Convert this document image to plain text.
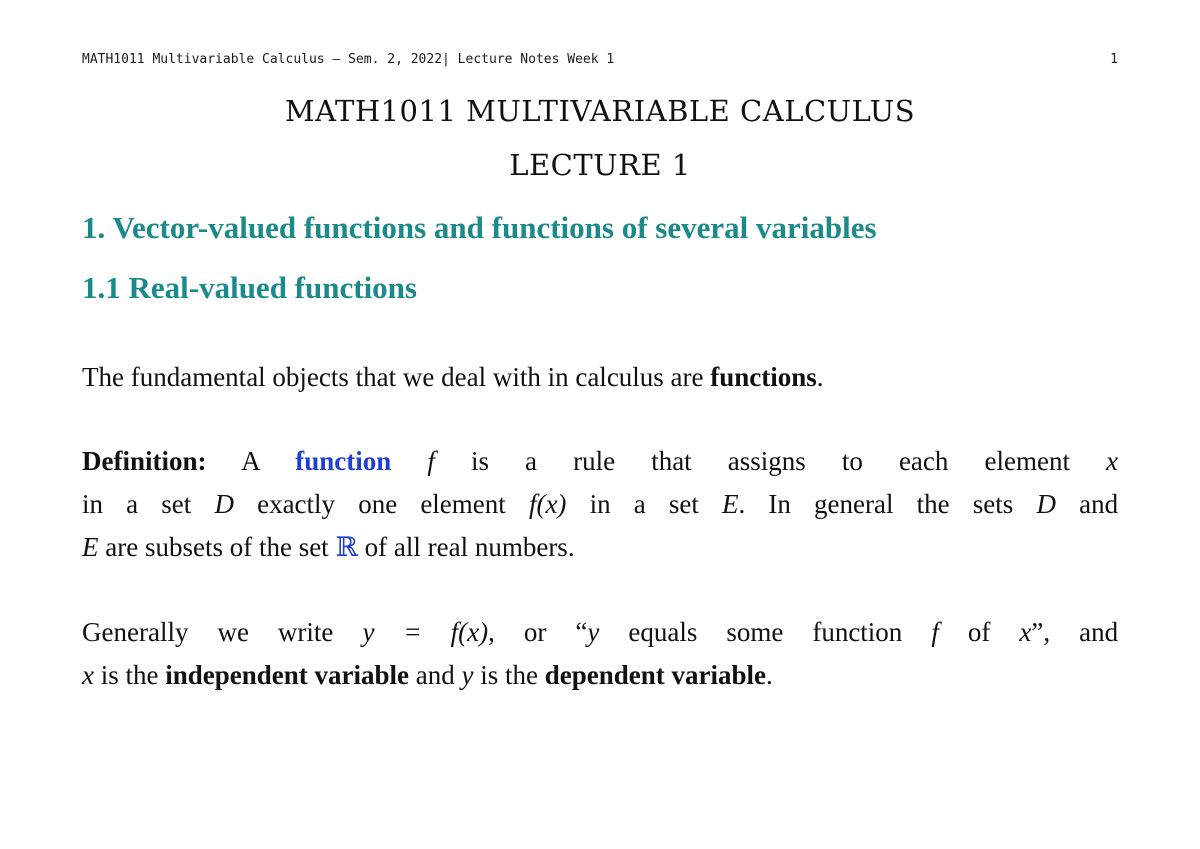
MATH1011 Multivariable Calculus – Sem. 2, 2022| Lecture Notes Week 1	1
MATH1011 MULTIVARIABLE CALCULUS
LECTURE 1
1. Vector-valued functions and functions of several variables
1.1 Real-valued functions
The fundamental objects that we deal with in calculus are functions.
Definition: A function f is a rule that assigns to each element x
in a set D exactly one element f(x) in a set E. In general the sets D and
E are subsets of the set ℝ of all real numbers.
Generally we write y = f(x), or “y equals some function f of x”, and
x is the independent variable and y is the dependent variable.
